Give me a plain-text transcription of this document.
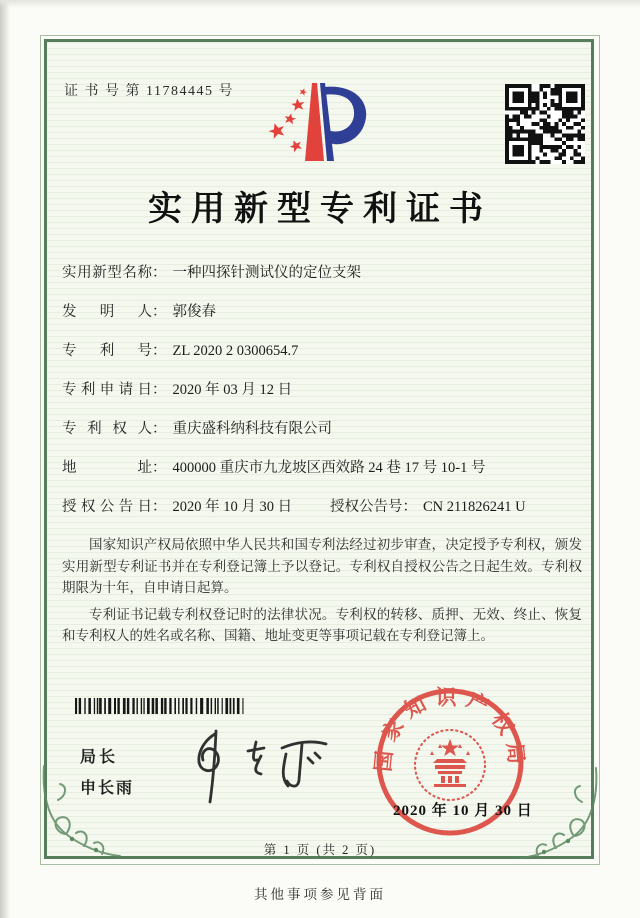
证 书 号 第 11784445 号
实用新型专利证书
实用新型名称： 一种四探针测试仪的定位支架
发明人： 郭俊春
专利号： ZL 2020 2 0300654.7
专利申请日： 2020 年 03 月 12 日
专利权人： 重庆盛科纳科技有限公司
地址： 400000 重庆市九龙坡区西效路 24 巷 17 号 10-1 号
授权公告日： 2020 年 10 月 30 日	授权公告号： CN 211826241 U

国家知识产权局依照中华人民共和国专利法经过初步审查，决定授予专利权，颁发实用新型专利证书并在专利登记簿上予以登记。专利权自授权公告之日起生效。专利权期限为十年，自申请日起算。

专利证书记载专利权登记时的法律状况。专利权的转移、质押、无效、终止、恢复和专利权人的姓名或名称、国籍、地址变更等事项记载在专利登记簿上。

局长
申长雨
国家知识产权局
2020 年 10 月 30 日
第 1 页 (共 2 页)
其他事项参见背面
